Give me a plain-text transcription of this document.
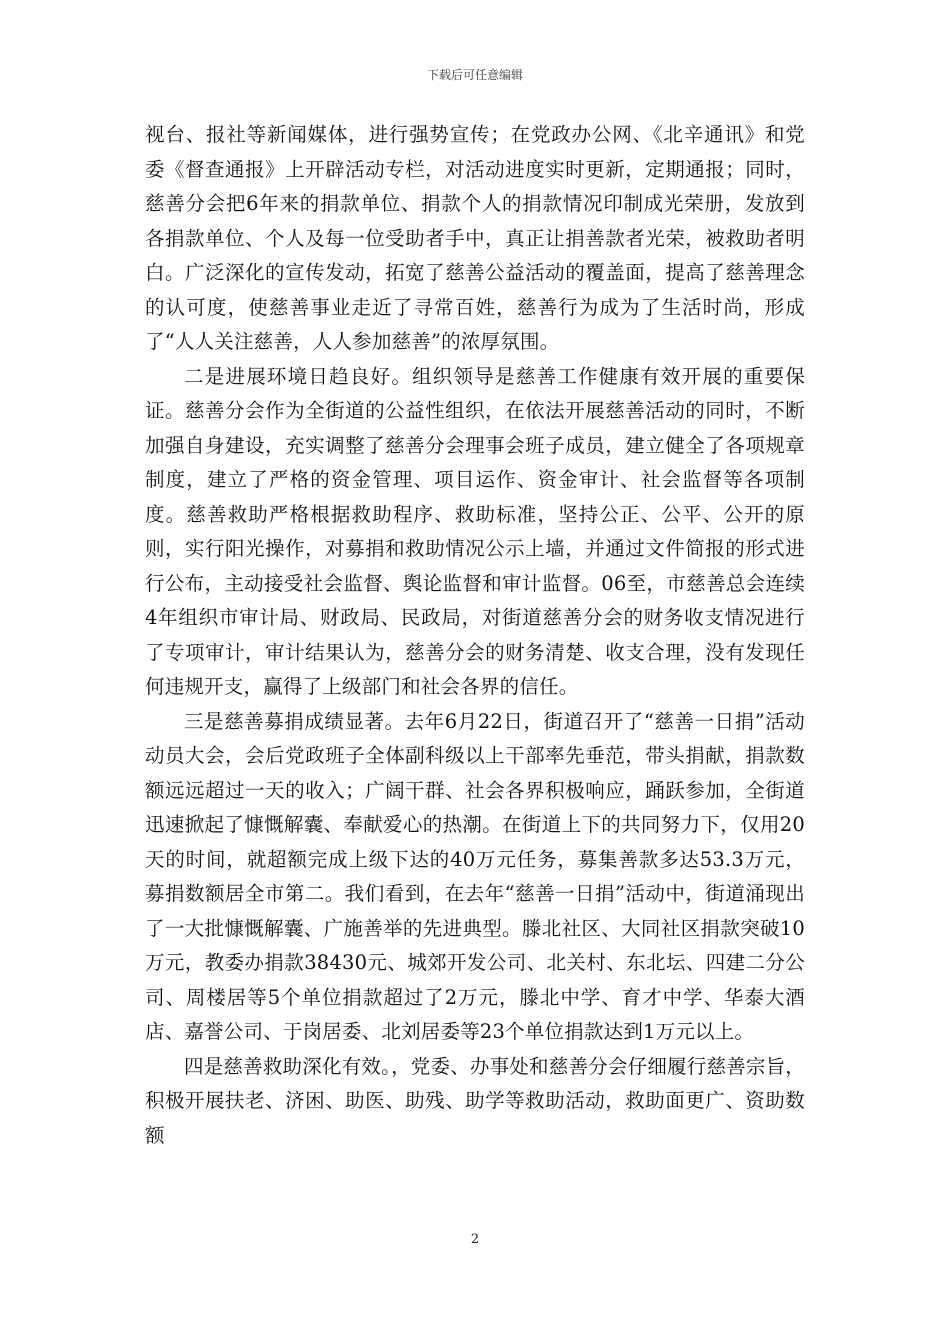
下载后可任意编辑

视台、报社等新闻媒体，进行强势宣传；在党政办公网、《北辛通讯》和党委《督查通报》上开辟活动专栏，对活动进度实时更新，定期通报；同时，慈善分会把6年来的捐款单位、捐款个人的捐款情况印制成光荣册，发放到各捐款单位、个人及每一位受助者手中，真正让捐善款者光荣，被救助者明白。广泛深化的宣传发动，拓宽了慈善公益活动的覆盖面，提高了慈善理念的认可度，使慈善事业走近了寻常百姓，慈善行为成为了生活时尚，形成了“人人关注慈善，人人参加慈善”的浓厚氛围。

二是进展环境日趋良好。组织领导是慈善工作健康有效开展的重要保证。慈善分会作为全街道的公益性组织，在依法开展慈善活动的同时，不断加强自身建设，充实调整了慈善分会理事会班子成员，建立健全了各项规章制度，建立了严格的资金管理、项目运作、资金审计、社会监督等各项制度。慈善救助严格根据救助程序、救助标准，坚持公正、公平、公开的原则，实行阳光操作，对募捐和救助情况公示上墙，并通过文件简报的形式进行公布，主动接受社会监督、舆论监督和审计监督。06至，市慈善总会连续4年组织市审计局、财政局、民政局，对街道慈善分会的财务收支情况进行了专项审计，审计结果认为，慈善分会的财务清楚、收支合理，没有发现任何违规开支，赢得了上级部门和社会各界的信任。

三是慈善募捐成绩显著。去年6月22日，街道召开了“慈善一日捐”活动动员大会，会后党政班子全体副科级以上干部率先垂范，带头捐献，捐款数额远远超过一天的收入；广阔干群、社会各界积极响应，踊跃参加，全街道迅速掀起了慷慨解囊、奉献爱心的热潮。在街道上下的共同努力下，仅用20天的时间，就超额完成上级下达的40万元任务，募集善款多达53.3万元，募捐数额居全市第二。我们看到，在去年“慈善一日捐”活动中，街道涌现出了一大批慷慨解囊、广施善举的先进典型。滕北社区、大同社区捐款突破10万元，教委办捐款38430元、城郊开发公司、北关村、东北坛、四建二分公司、周楼居等5个单位捐款超过了2万元，滕北中学、育才中学、华泰大酒店、嘉誉公司、于岗居委、北刘居委等23个单位捐款达到1万元以上。

四是慈善救助深化有效。，党委、办事处和慈善分会仔细履行慈善宗旨，积极开展扶老、济困、助医、助残、助学等救助活动，救助面更广、资助数额

2
